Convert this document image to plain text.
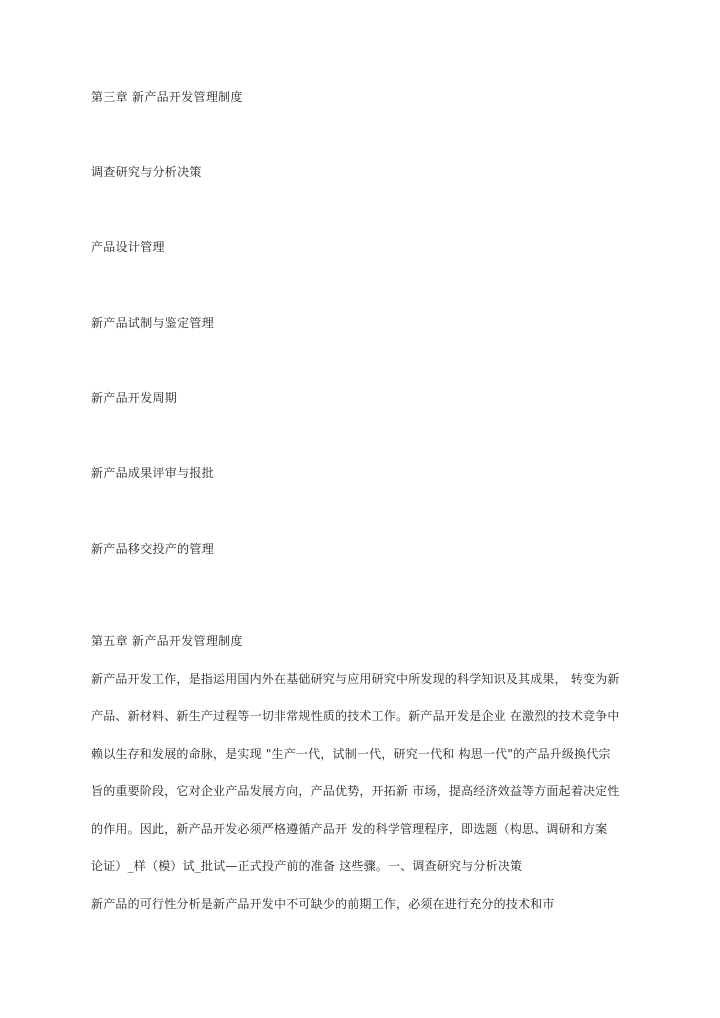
第三章 新产品开发管理制度
调查研究与分析决策
产品设计管理
新产品试制与鉴定管理
新产品开发周期
新产品成果评审与报批
新产品移交投产的管理
第五章 新产品开发管理制度
新产品开发工作，是指运用国内外在基础研究与应用研究中所发现的科学知识及其成果， 转变为新
产品、新材料、新生产过程等一切非常规性质的技术工作。新产品开发是企业 在激烈的技术竞争中
赖以生存和发展的命脉，是实现 "生产一代，试制一代，研究一代和 构思一代"的产品升级换代宗
旨的重要阶段，它对企业产品发展方向，产品优势，开拓新 市场，提高经济效益等方面起着决定性
的作用。因此，新产品开发必须严格遵循产品开 发的科学管理程序，即选题（构思、调研和方案
论证）_样（模）试_批试—正式投产前的准备 这些骤。一、调查研究与分析决策
新产品的可行性分析是新产品开发中不可缺少的前期工作，必须在进行充分的技术和市
